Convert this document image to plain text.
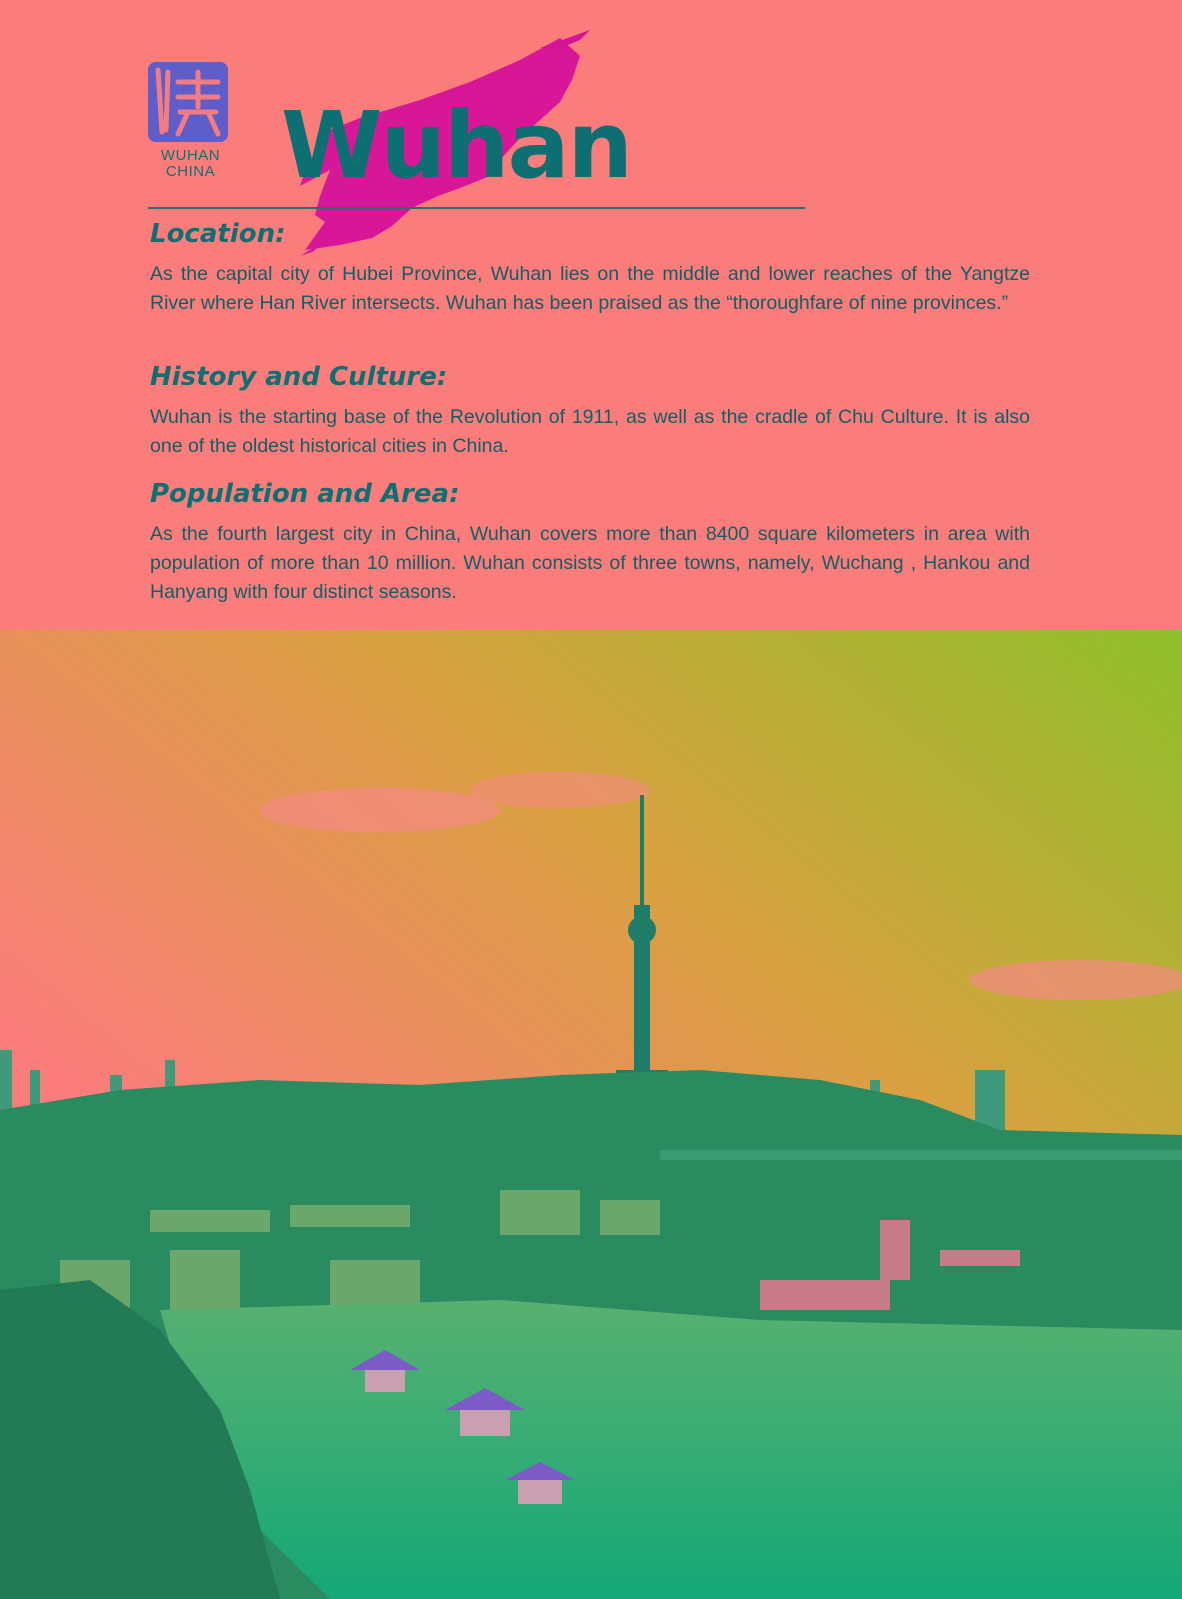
WUHAN
CHINA Wuhan
Location:

As the capital city of Hubei Province, Wuhan lies on the middle and lower reaches of the Yangtze River where Han River intersects. Wuhan has been praised as the “thoroughfare of nine provinces.”

History and Culture:

Wuhan is the starting base of the Revolution of 1911, as well as the cradle of Chu Culture. It is also one of the oldest historical cities in China.

Population and Area:

As the fourth largest city in China, Wuhan covers more than 8400 square kilometers in area with population of more than 10 million. Wuhan consists of three towns, namely, Wuchang , Hankou and Hanyang with four distinct seasons.
